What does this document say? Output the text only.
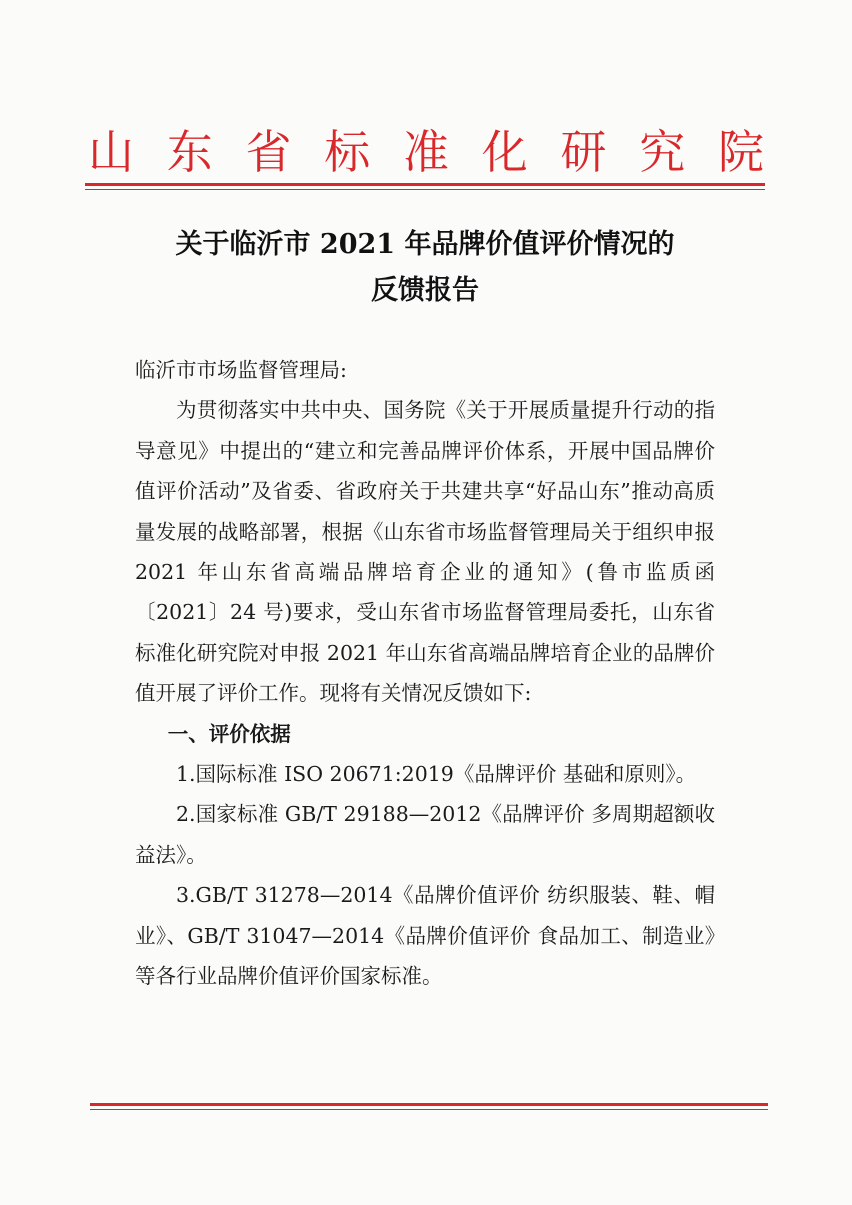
山 东 省 标 准 化 研 究 院
关于临沂市 2021 年品牌价值评价情况的
反馈报告

临沂市市场监督管理局:

为贯彻落实中共中央、国务院《关于开展质量提升行动的指导意见》中提出的“建立和完善品牌评价体系，开展中国品牌价值评价活动”及省委、省政府关于共建共享“好品山东”推动高质量发展的战略部署，根据《山东省市场监督管理局关于组织申报 2021 年山东省高端品牌培育企业的通知》(鲁市监质函〔2021〕24 号)要求，受山东省市场监督管理局委托，山东省标准化研究院对申报 2021 年山东省高端品牌培育企业的品牌价值开展了评价工作。现将有关情况反馈如下:

一、评价依据

1.国际标准 ISO 20671:2019《品牌评价 基础和原则》。

2.国家标准 GB/T 29188—2012《品牌评价 多周期超额收益法》。

3.GB/T 31278—2014《品牌价值评价 纺织服装、鞋、帽业》、GB/T 31047—2014《品牌价值评价 食品加工、制造业》等各行业品牌价值评价国家标准。
